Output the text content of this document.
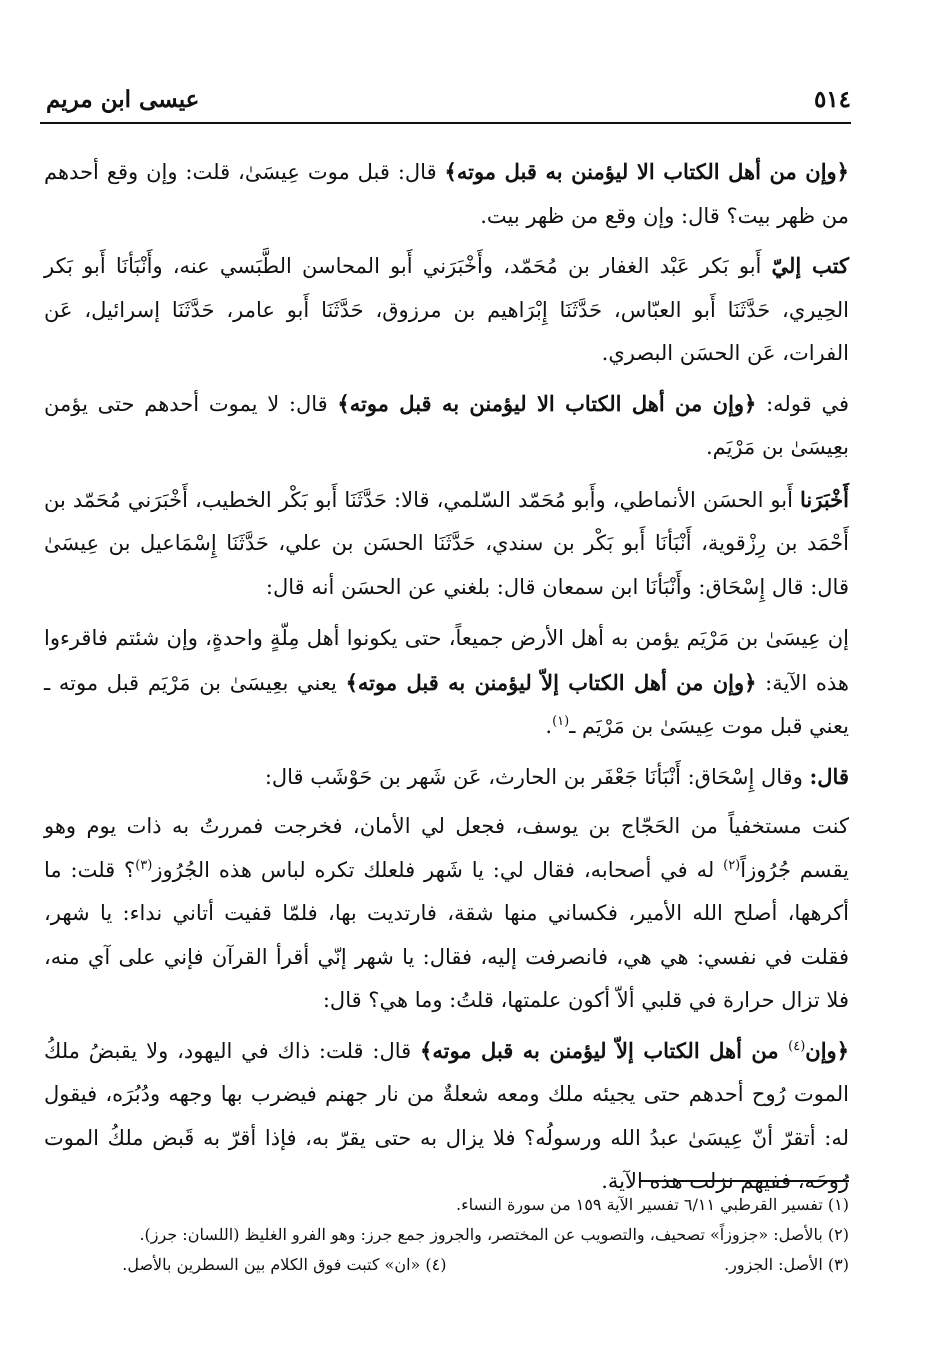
٥١٤
عيسى ابن مريم

﴿وإن من أهل الكتاب الا ليؤمنن به قبل موته﴾ قال: قبل موت عِيسَىٰ، قلت: وإن وقع أحدهم من ظهر بيت؟ قال: وإن وقع من ظهر بيت.

كتب إليّ أَبو بَكر عَبْد الغفار بن مُحَمّد، وأَخْبَرَني أَبو المحاسن الطَّبَسي عنه، وأَنْبَأنَا أَبو بَكر الحِيري، حَدَّثَنَا أَبو العبّاس، حَدَّثَنَا إِبْرَاهيم بن مرزوق، حَدَّثَنَا أَبو عامر، حَدَّثَنَا إسرائيل، عَن الفرات، عَن الحسَن البصري.

في قوله: ﴿وإن من أهل الكتاب الا ليؤمنن به قبل موته﴾ قال: لا يموت أحدهم حتى يؤمن بعِيسَىٰ بن مَرْيَم.

أَخْبَرَنا أَبو الحسَن الأنماطي، وأَبو مُحَمّد السّلمي، قالا: حَدَّثَنَا أَبو بَكْر الخطيب، أَخْبَرَني مُحَمّد بن أَحْمَد بن رِزْقوية، أَنْبَأنَا أَبو بَكْر بن سندي، حَدَّثَنَا الحسَن بن علي، حَدَّثَنَا إِسْمَاعيل بن عِيسَىٰ قال: قال إِسْحَاق: وأَنْبَأنَا ابن سمعان قال: بلغني عن الحسَن أنه قال:

إن عِيسَىٰ بن مَرْيَم يؤمن به أهل الأرض جميعاً، حتى يكونوا أهل مِلّةٍ واحدةٍ، وإن شئتم فاقرءوا هذه الآية: ﴿وإن من أهل الكتاب إلاّ ليؤمنن به قبل موته﴾ يعني بعِيسَىٰ بن مَرْيَم قبل موته ـ يعني قبل موت عِيسَىٰ بن مَرْيَم ـ$^{(١)}$.

قال: وقال إِسْحَاق: أَنْبَأنَا جَعْفَر بن الحارث، عَن شَهر بن حَوْشَب قال:

كنت مستخفياً من الحَجّاج بن يوسف، فجعل لي الأمان، فخرجت فمررتُ به ذات يوم وهو يقسم جُرُوزاً$^{(٢)}$ له في أصحابه، فقال لي: يا شَهر فلعلك تكره لباس هذه الجُرُوز$^{(٣)}$؟ قلت: ما أكرهها، أصلح الله الأمير، فكساني منها شقة، فارتديت بها، فلمّا قفيت أتاني نداء: يا شهر، فقلت في نفسي: هي هي، فانصرفت إليه، فقال: يا شهر إنّي أقرأ القرآن فإني على آي منه، فلا تزال حرارة في قلبي ألاّ أكون علمتها، قلتُ: وما هي؟ قال:

﴿وإن$^{(٤)}$ من أهل الكتاب إلاّ ليؤمنن به قبل موته﴾ قال: قلت: ذاك في اليهود، ولا يقبضُ ملكُ الموت رُوح أحدهم حتى يجيئه ملك ومعه شعلةٌ من نار جهنم فيضرب بها وجهه ودُبُرَه، فيقول له: أتقرّ أنّ عِيسَىٰ عبدُ الله ورسولُه؟ فلا يزال به حتى يقرّ به، فإذا أقرّ به قَبض ملكُ الموت رُوحَه، ففيهم نزلت هذه الآية.

(١) تفسير القرطبي ٦/١١ تفسير الآية ١٥٩ من سورة النساء.
(٢) بالأصل: «جزوزاً» تصحيف، والتصويب عن المختصر، والجروز جمع جرز: وهو الفرو الغليظ (اللسان: جرز).
(٣) الأصل: الجزور.
(٤) «ان» كتبت فوق الكلام بين السطرين بالأصل.
